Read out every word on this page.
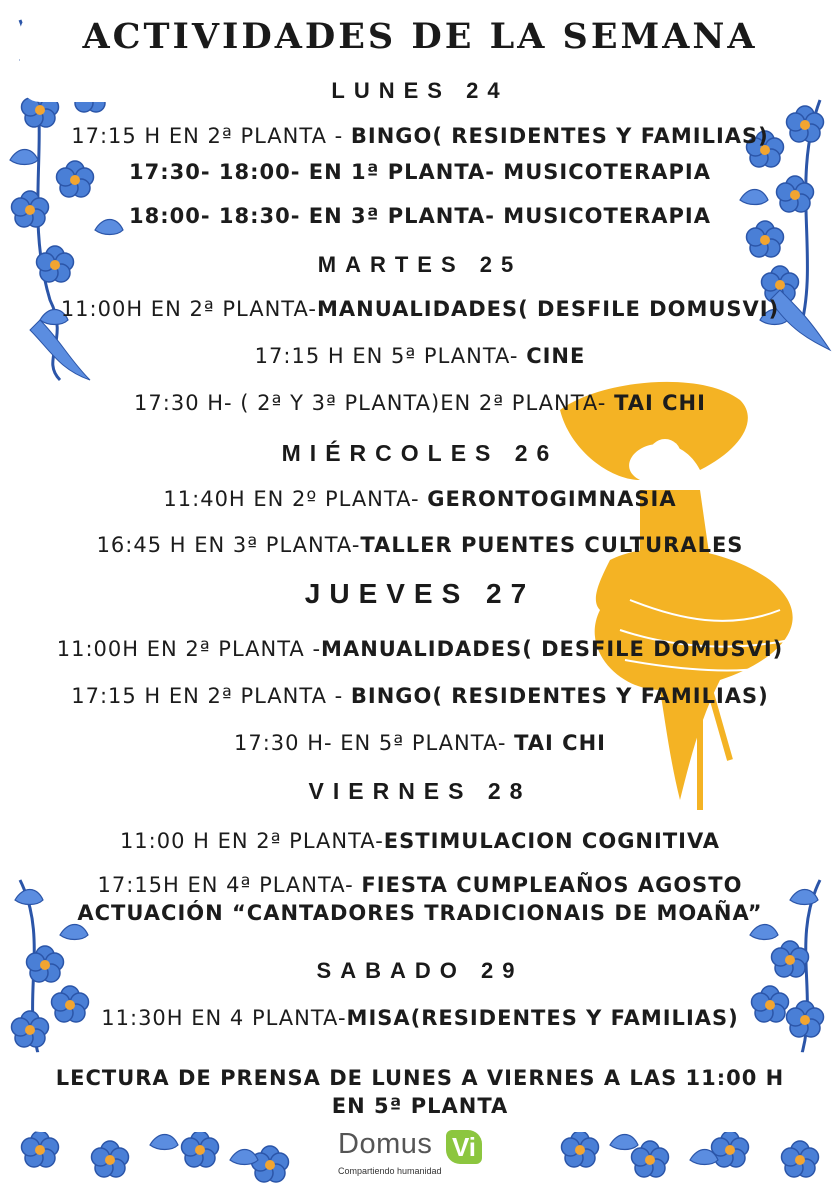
ACTIVIDADES DE LA SEMANA
LUNES 24
17:15 H EN 2ª PLANTA - BINGO( RESIDENTES Y FAMILIAS)
17:30- 18:00- EN 1ª PLANTA- MUSICOTERAPIA
18:00- 18:30- EN 3ª PLANTA- MUSICOTERAPIA
MARTES 25
11:00H EN 2ª PLANTA-MANUALIDADES( DESFILE DOMUSVI)
17:15 H EN 5ª PLANTA- CINE
17:30 H- ( 2ª Y 3ª PLANTA)EN 2ª PLANTA- TAI CHI
MIÉRCOLES 26
11:40H EN 2º PLANTA- GERONTOGIMNASIA
16:45 H EN 3ª PLANTA-TALLER PUENTES CULTURALES
JUEVES 27
11:00H EN 2ª PLANTA -MANUALIDADES( DESFILE DOMUSVI)
17:15 H EN 2ª PLANTA - BINGO( RESIDENTES Y FAMILIAS)
17:30 H- EN 5ª PLANTA- TAI CHI
VIERNES 28
11:00 H EN 2ª PLANTA-ESTIMULACION COGNITIVA
17:15H EN 4ª PLANTA- FIESTA CUMPLEAÑOS AGOSTO
ACTUACIÓN “CANTADORES TRADICIONAIS DE MOAÑA”
SABADO 29
11:30H EN 4 PLANTA-MISA(RESIDENTES Y FAMILIAS)
LECTURA DE PRENSA DE LUNES A VIERNES A LAS 11:00 H
EN 5ª PLANTA
Domus Vi
Compartiendo humanidad
